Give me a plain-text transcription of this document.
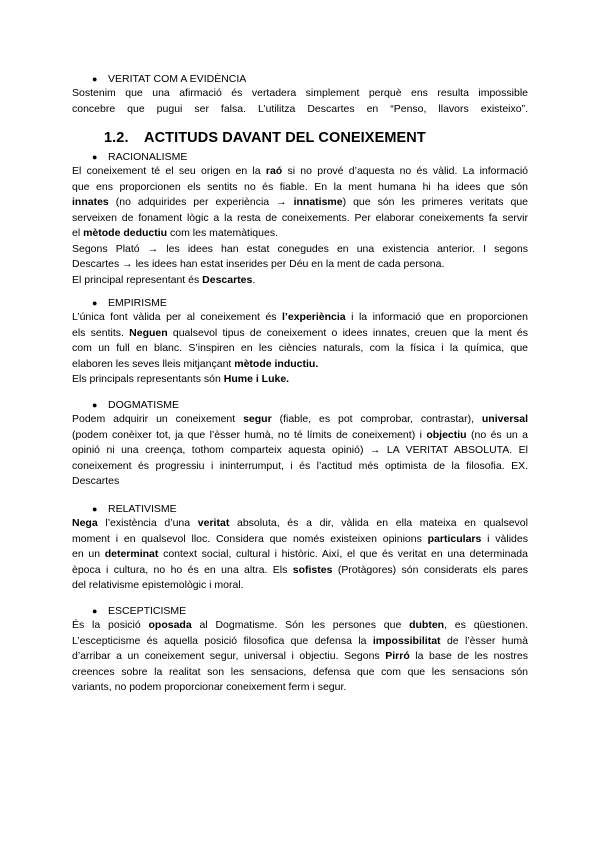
● VERITAT COM A EVIDÈNCIA

Sostenim que una afirmació és vertadera simplement perquè ens resulta impossible

concebre que pugui ser falsa. L’utilitza Descartes en “Penso, llavors existeixo”.

1.2. ACTITUDS DAVANT DEL CONEIXEMENT
● RACIONALISME

El coneixement té el seu origen en la raó si no prové d’aquesta no és vàlid. La informació

que ens proporcionen els sentits no és fiable. En la ment humana hi ha idees que són

innates (no adquirides per experiència → innatisme) que són les primeres veritats que

serveixen de fonament lògic a la resta de coneixements. Per elaborar coneixements fa servir

el mètode deductiu com les matemàtiques.

Segons Plató → les idees han estat conegudes en una existencia anterior. I segons

Descartes → les idees han estat inserides per Déu en la ment de cada persona.

El principal representant és Descartes.

● EMPIRISME

L’única font vàlida per al coneixement és l’experiència i la informació que en proporcionen

els sentits. Neguen qualsevol tipus de coneixement o idees innates, creuen que la ment és

com un full en blanc. S’inspiren en les ciències naturals, com la física i la química, que

elaboren les seves lleis mitjançant mètode inductiu.

Els principals representants són Hume i Luke.

● DOGMATISME

Podem adquirir un coneixement segur (fiable, es pot comprobar, contrastar), universal

(podem conèixer tot, ja que l’èsser humà, no té límits de coneixement) i objectiu (no és un a

opinió ni una creença, tothom comparteix aquesta opinió) → LA VERITAT ABSOLUTA. El

coneixement és progressiu i ininterrumput, i és l’actitud més optimista de la filosofia. EX.

Descartes

● RELATIVISME

Nega l’existència d’una veritat absoluta, és a dir, vàlida en ella mateixa en qualsevol

moment i en qualsevol lloc. Considera que només existeixen opinions particulars i vàlides

en un determinat context social, cultural i històric. Així, el que és veritat en una determinada

època i cultura, no ho és en una altra. Els sofistes (Protàgores) són considerats els pares

del relativisme epistemològic i moral.

● ESCEPTICISME

És la posició oposada al Dogmatisme. Són les persones que dubten, es qüestionen.

L’escepticisme és aquella posició filosofica que defensa la impossibilitat de l’èsser humà

d’arribar a un coneixement segur, universal i objectiu. Segons Pirró la base de les nostres

creences sobre la realitat son les sensacions, defensa que com que les sensacions són

variants, no podem proporcionar coneixement ferm i segur.
